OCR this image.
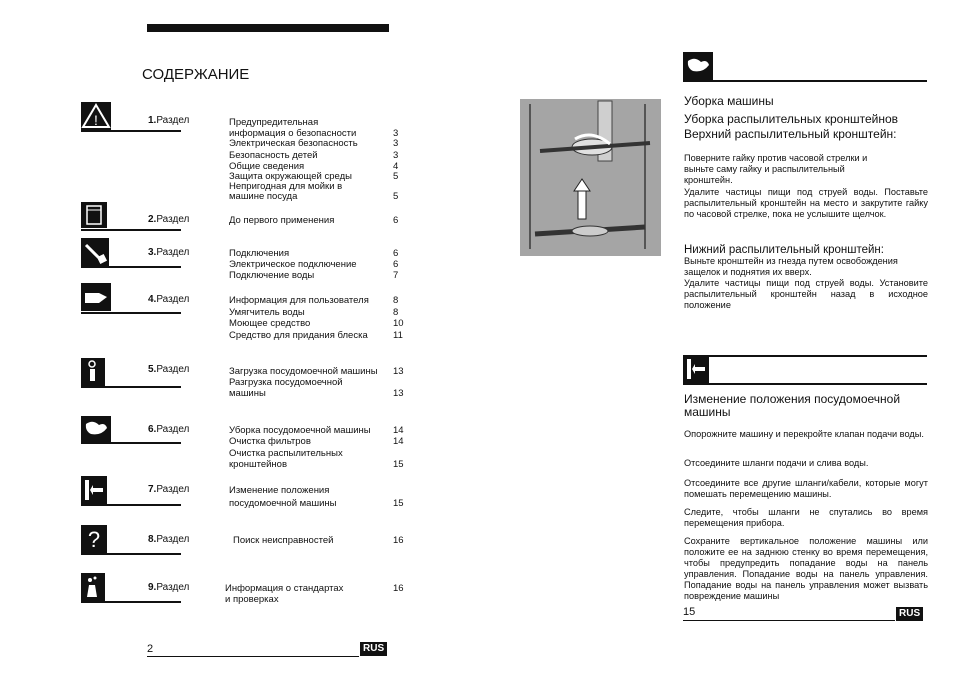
СОДЕРЖАНИЕ
!	1.Раздел	Предупредительная
информация о безопасности	3
Электрическая безопасность	3
Безопасность детей	3
Общие сведения	4
Защита окружающей среды	5
Непригодная для мойки в
машине посуда	5
2.Раздел	До первого применения	6
3.Раздел	Подключения	6
Электрическое подключение	6
Подключение воды	7
4.Раздел	Информация для пользователя	8
Умягчитель воды	8
Моющее средство	10
Средство для придания блеска	11
5.Раздел	Загрузка посудомоечной машины 13
Разгрузка посудомоечной
машины	13
6.Раздел	Уборка посудомоечной машины 14
Очистка фильтров	14
Очистка распылительных
кронштейнов	15
7.Раздел	Изменение положения
посудомоечной машины	15
?	8.Раздел	Поиск неисправностей	16
9.Раздел	Информация о стандартах	16
и проверках
2	RUS
Уборка машины
Уборка распылительных кронштейнов
Верхний распылительный кронштейн:
Поверните гайку против часовой стрелки и выньте саму гайку и распылительный кронштейн.
Удалите частицы пищи под струей воды. Поставьте распылительный кронштейн на место и закрутите гайку по часовой стрелке, пока не услышите щелчок.
Нижний распылительный кронштейн:
Выньте кронштейн из гнезда путем освобождения защелок и поднятия их вверх.
Удалите частицы пищи под струей воды. Установите распылительный кронштейн назад в исходное положение
Изменение положения посудомоечной машины
Опорожните машину и перекройте клапан подачи воды.
Отсоедините шланги подачи и слива воды.
Отсоедините все другие шланги/кабели, которые могут помешать перемещению машины.
Следите, чтобы шланги не спутались во время перемещения прибора.
Сохраните вертикальное положение машины или положите ее на заднюю стенку во время перемещения, чтобы предупредить попадание воды на панель управления. Попадание воды на панель управления. Попадание воды на панель управления может вызвать повреждение машины
15	RUS
